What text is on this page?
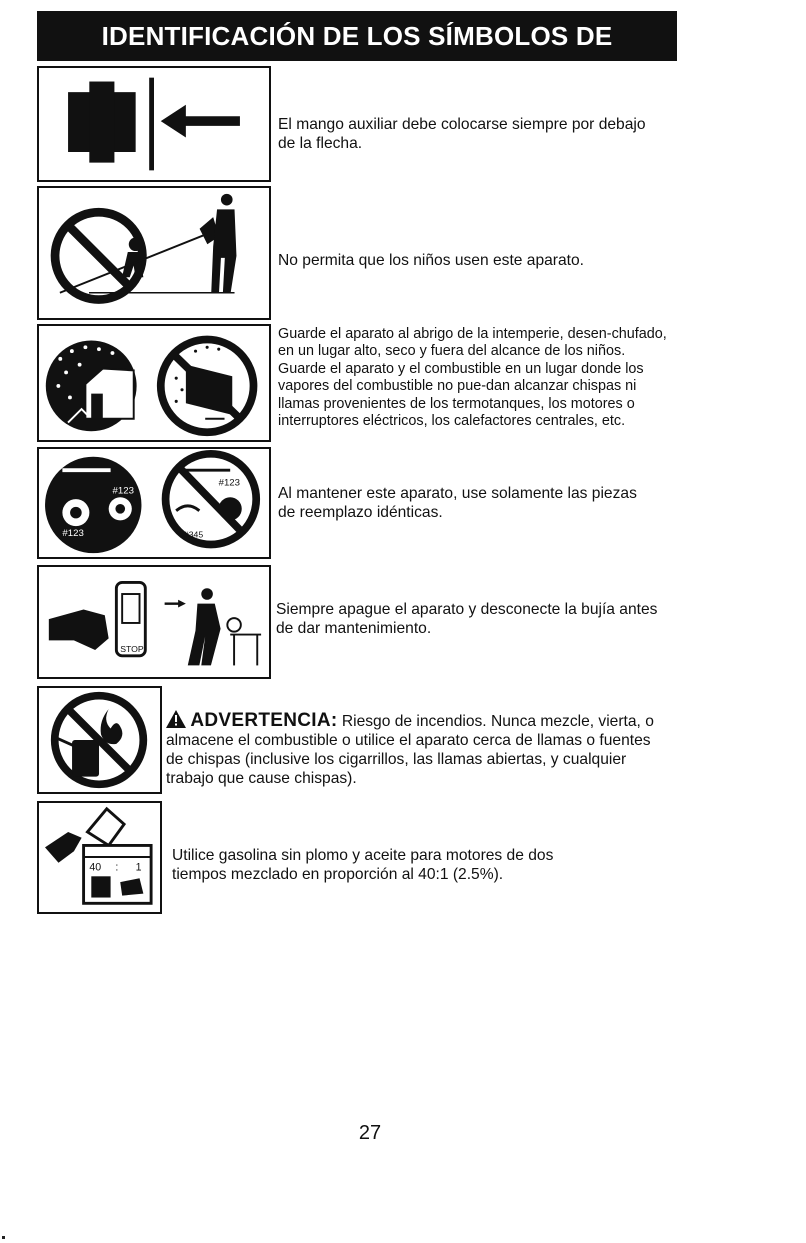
IDENTIFICACIÓN DE LOS SÍMBOLOS DE SEGURIDAD
El mango auxiliar debe colocarse siempre por debajo de la flecha.
No permita que los niños usen este aparato.
Guarde el aparato al abrigo de la intemperie, desen-chufado, en un lugar alto, seco y fuera del alcance de los niños. Guarde el aparato y el combustible en un lugar donde los vapores del combustible no pue-dan alcanzar chispas ni llamas provenientes de los termotanques, los motores o interruptores eléctricos, los calefactores centrales, etc.
#123
#123
#123
#345
Al mantener este aparato, use solamente las piezas de reemplazo idénticas.
STOP
Siempre apague el aparato y desconecte la bujía antes de dar mantenimiento.
ADVERTENCIA: Riesgo de incendios. Nunca mezcle, vierta, o almacene el combustible o utilice el aparato cerca de llamas o fuentes de chispas (inclusive los cigarrillos, las llamas abiertas, y cualquier trabajo que cause chispas).
40 : 1
Utilice gasolina sin plomo y aceite para motores de dos tiempos mezclado en proporción al 40:1 (2.5%).
27
